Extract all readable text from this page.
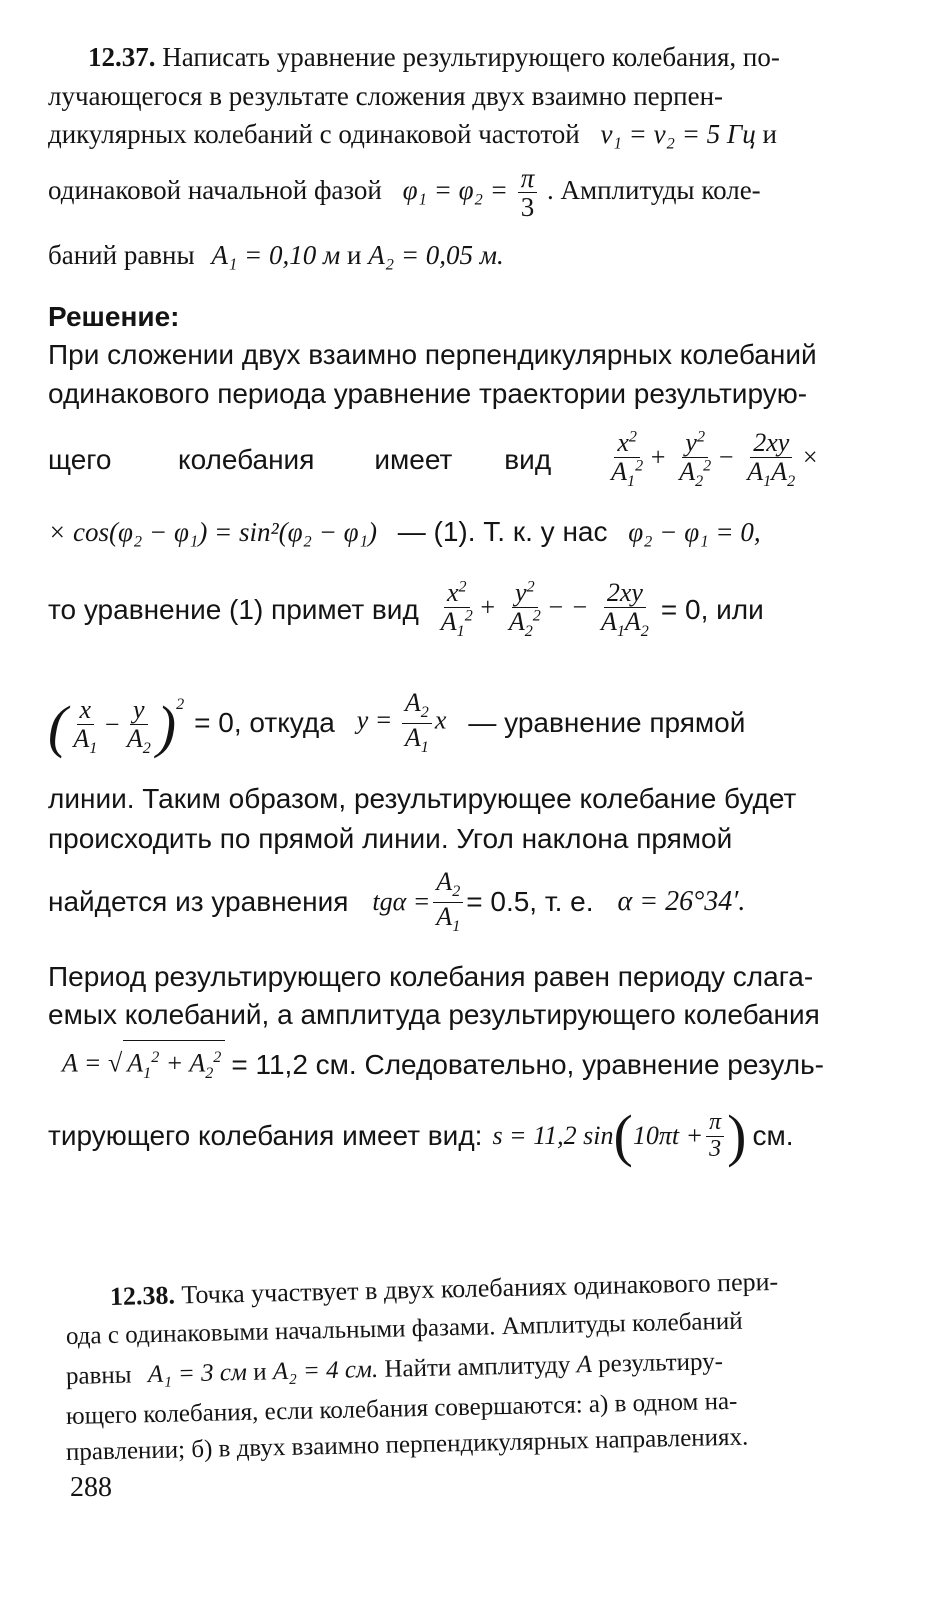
12.37. Написать уравнение результирующего колебания, по-
лучающегося в результате сложения двух взаимно перпен-
дикулярных колебаний с одинаковой частотой ν₁ = ν₂ = 5 Гц и
одинаковой начальной фазой $\varphi_1 = \varphi_2 = \frac{\pi}{3}$ . Амплитуды коле-
баний равны A₁ = 0,10 м и A₂ = 0,05 м.
Решение:
При сложении двух взаимно перпендикулярных колебаний
одинакового периода уравнение траектории результирую-
щего колебания имеет вид $\frac{x^2}{A_1^2} + \frac{y^2}{A_2^2} - \frac{2xy}{A_1A_2}$ ×
× cos(φ₂ − φ₁) = sin²(φ₂ − φ₁) — (1). Т. к. у нас φ₂ − φ₁ = 0,
то уравнение (1) примет вид $\frac{x^2}{A_1^2} + \frac{y^2}{A_2^2}$ − − $\frac{2xy}{A_1A_2} = 0$, или
( $\frac{x}{A_1} - \frac{y}{A_2} )^2$
= 0, откуда $y = \frac{A_2}{A_1}$ x — уравнение прямой
линии. Таким образом, результирующее колебание будет
происходить по прямой линии. Угол наклона прямой
найдется из уравнения $tg\alpha = \frac{A_2}{A_1} = 0.5$, т. е. α = 26°34′.
Период результирующего колебания равен периоду слага-
емых колебаний, а амплитуда результирующего колебания
A = √ $A_1^2 + A_2^2 = 11,2$ см. Следовательно, уравнение резуль-
тирующего колебания имеет вид: s = 11,2 sin ( $10\pi t + \frac{\pi}{3}$ ) см.
12.38. Точка участвует в двух колебаниях одинакового пери-
ода с одинаковыми начальными фазами. Амплитуды колебаний
равны A₁ = 3 см и A₂ = 4 см. Найти амплитуду A результиру-
ющего колебания, если колебания совершаются: а) в одном на-
правлении; б) в двух взаимно перпендикулярных направлениях.
288
